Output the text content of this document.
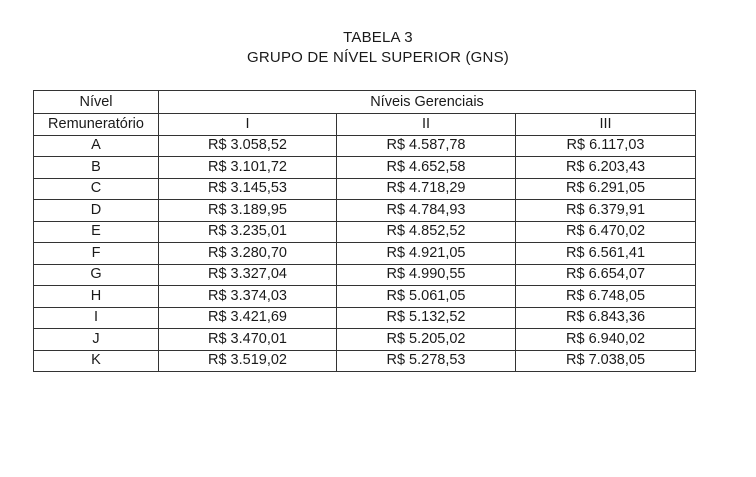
TABELA 3
GRUPO DE NÍVEL SUPERIOR (GNS)
Nível	Níveis Gerenciais		
Remuneratório	I	II	III
A	R$ 3.058,52	R$ 4.587,78	R$ 6.117,03
B	R$ 3.101,72	R$ 4.652,58	R$ 6.203,43
C	R$ 3.145,53	R$ 4.718,29	R$ 6.291,05
D	R$ 3.189,95	R$ 4.784,93	R$ 6.379,91
E	R$ 3.235,01	R$ 4.852,52	R$ 6.470,02
F	R$ 3.280,70	R$ 4.921,05	R$ 6.561,41
G	R$ 3.327,04	R$ 4.990,55	R$ 6.654,07
H	R$ 3.374,03	R$ 5.061,05	R$ 6.748,05
I	R$ 3.421,69	R$ 5.132,52	R$ 6.843,36
J	R$ 3.470,01	R$ 5.205,02	R$ 6.940,02
K	R$ 3.519,02	R$ 5.278,53	R$ 7.038,05
